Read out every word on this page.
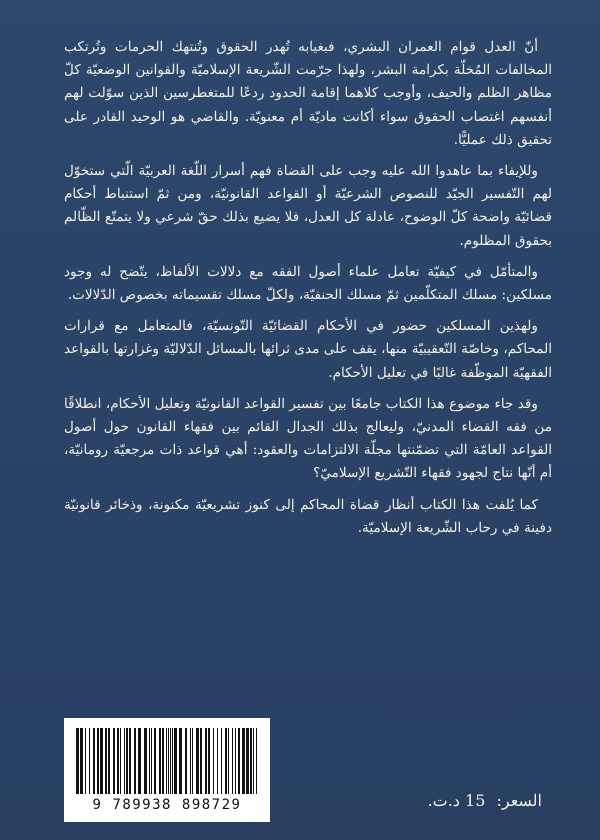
أنّ العدل قوام العمران البشري، فبغيابه تُهدر الحقوق وتُنتهك الحرمات وتُرتكب المخالفات المُخلّة بكرامة البشر، ولهذا جرّمت الشّريعة الإسلاميّة والقوانين الوضعيّة كلّ مظاهر الظلم والحيف، وأوجب كلاهما إقامة الحدود ردعًا للمتغطرسين الذين سوّلت لهم أنفسهم اغتصاب الحقوق سواء أكانت ماديّة أم معنويّة. والقاضي هو الوحيد القادر على تحقيق ذلك عمليًّا.

وللإيفاء بما عاهدوا الله عليه وجب على القضاة فهم أسرار اللّغة العربيّة الّتي ستخوّل لهم التّفسير الجيّد للنصوص الشرعيّة أو القواعد القانونيّة، ومن ثمّ استنباط أحكام قضائيّة واضحة كلّ الوضوح، عادلة كل العدل، فلا يضيع بذلك حقّ شرعي ولا يتمتّع الظّالم بحقوق المظلوم.

والمتأمّل في كيفيّة تعامل علماء أصول الفقه مع دلالات الألفاظ، يتّضح له وجود مسلكين: مسلك المتكلّمين ثمّ مسلك الحنفيّة، ولكلّ مسلك تقسيماته بخصوص الدّلالات.

ولهذين المسلكين حضور في الأحكام القضائيّة التّونسيّة، فالمتعامل مع قرارات المحاكم، وخاصّة التّعقيبيّة منها، يقف على مدى ثرائها بالمسائل الدّلاليّة وغزارتها بالقواعد الفقهيّة الموظّفة غالبًا في تعليل الأحكام.

وقد جاء موضوع هذا الكتاب جامعًا بين تفسير القواعد القانونيّة وتعليل الأحكام، انطلاقًا من فقه القضاء المدنيّ، وليعالج بذلك الجدال القائم بين فقهاء القانون حول أصول القواعد العامّة التي تضمّنتها مجلّة الالتزامات والعقود: أهي قواعد ذات مرجعيّة رومانيّة، أم أنّها نتاج لجهود فقهاء التّشريع الإسلاميّ؟

كما يُلفت هذا الكتاب أنظار قضاة المحاكم إلى كنوز تشريعيّة مكنونة، وذخائر قانونيّة دفينة في رحاب الشّريعة الإسلاميّة.

9 789938 898729	السعر: 15 د.ت.
